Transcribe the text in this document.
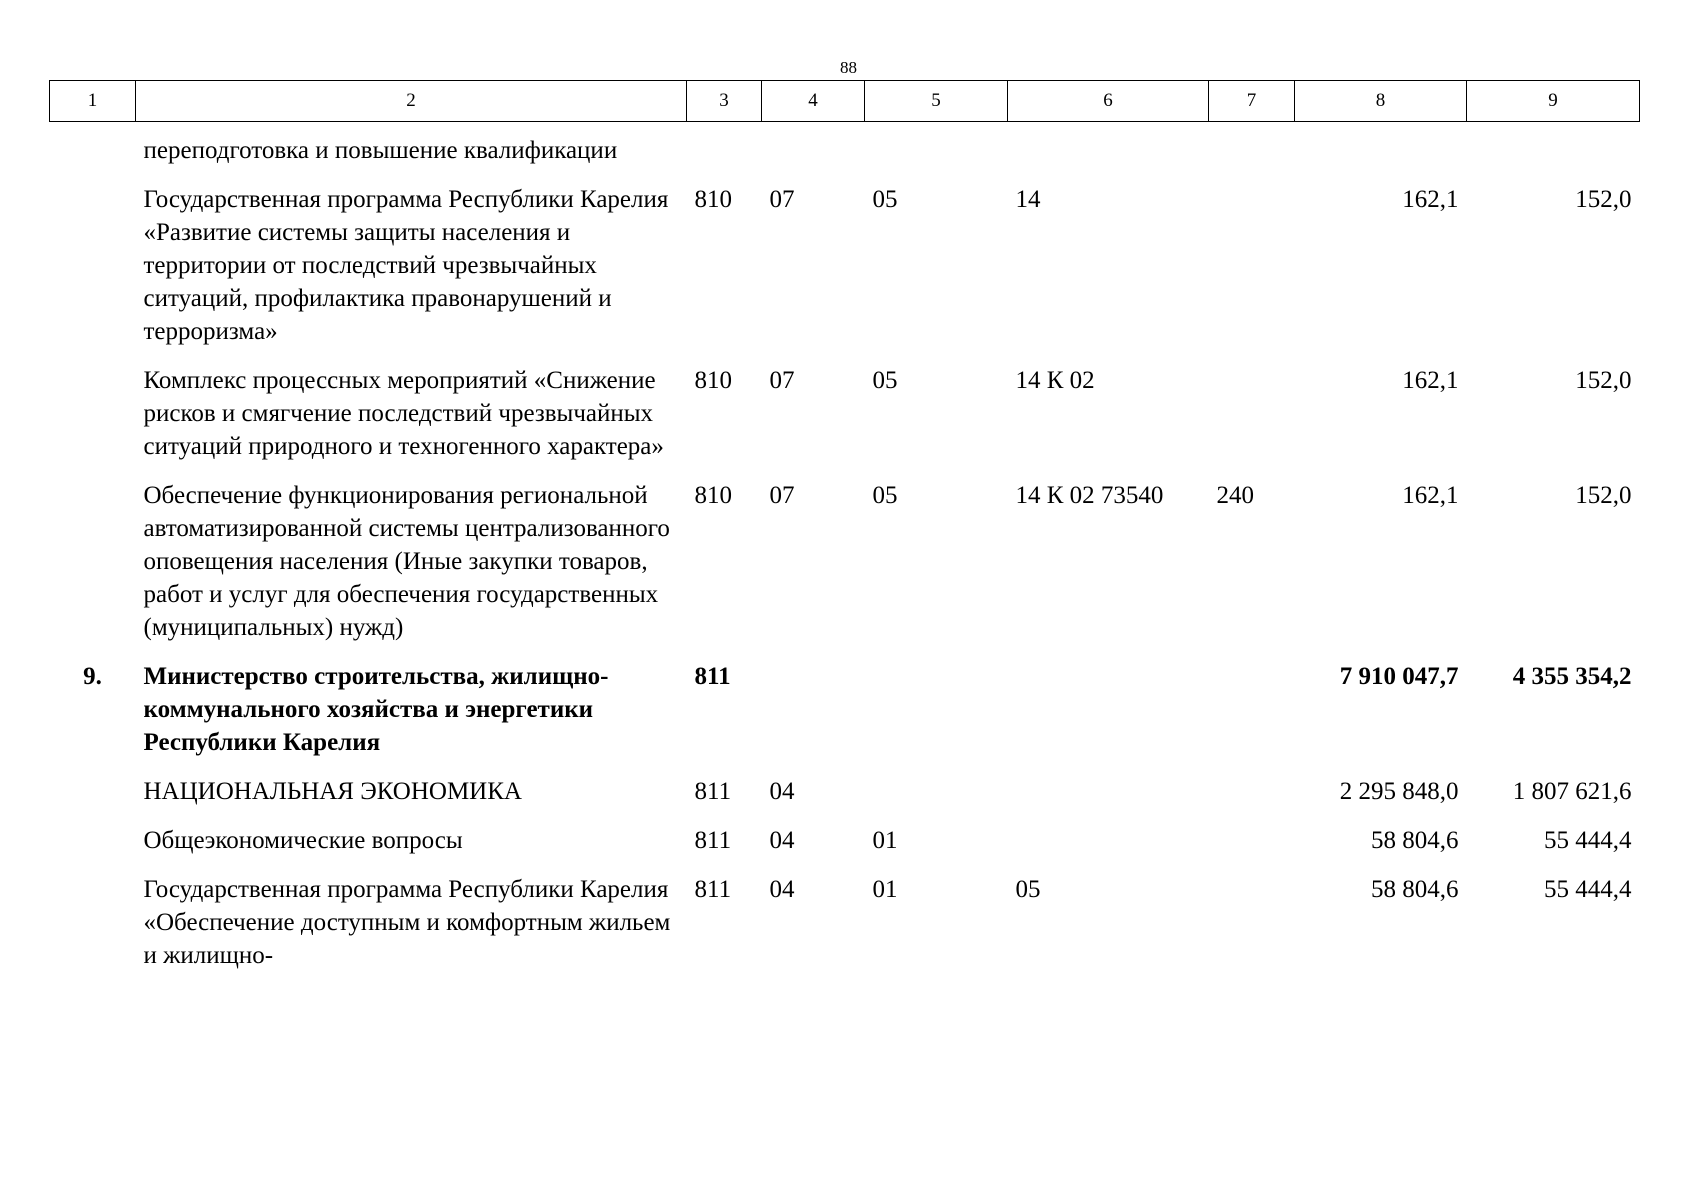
88
1	2	3	4	5	6	7	8	9
	переподготовка и повышение квалификации							
	Государственная программа Республики Карелия «Развитие системы защиты населения и территории от последствий чрезвычайных ситуаций, профилактика правонарушений и терроризма»	810	07	05	14		162,1	152,0
	Комплекс процессных мероприятий «Снижение рисков и смягчение последствий чрезвычайных ситуаций природного и техногенного характера»	810	07	05	14 К 02		162,1	152,0
	Обеспечение функционирования региональной автоматизированной системы централизованного оповещения населения (Иные закупки товаров, работ и услуг для обеспечения государственных (муниципальных) нужд)	810	07	05	14 К 02 73540	240	162,1	152,0
9.	Министерство строительства, жилищно-коммунального хозяйства и энергетики Республики Карелия	811					7 910 047,7	4 355 354,2
	НАЦИОНАЛЬНАЯ ЭКОНОМИКА	811	04				2 295 848,0	1 807 621,6
	Общеэкономические вопросы	811	04	01			58 804,6	55 444,4
	Государственная программа Республики Карелия «Обеспечение доступным и комфортным жильем и жилищно-	811	04	01	05		58 804,6	55 444,4
